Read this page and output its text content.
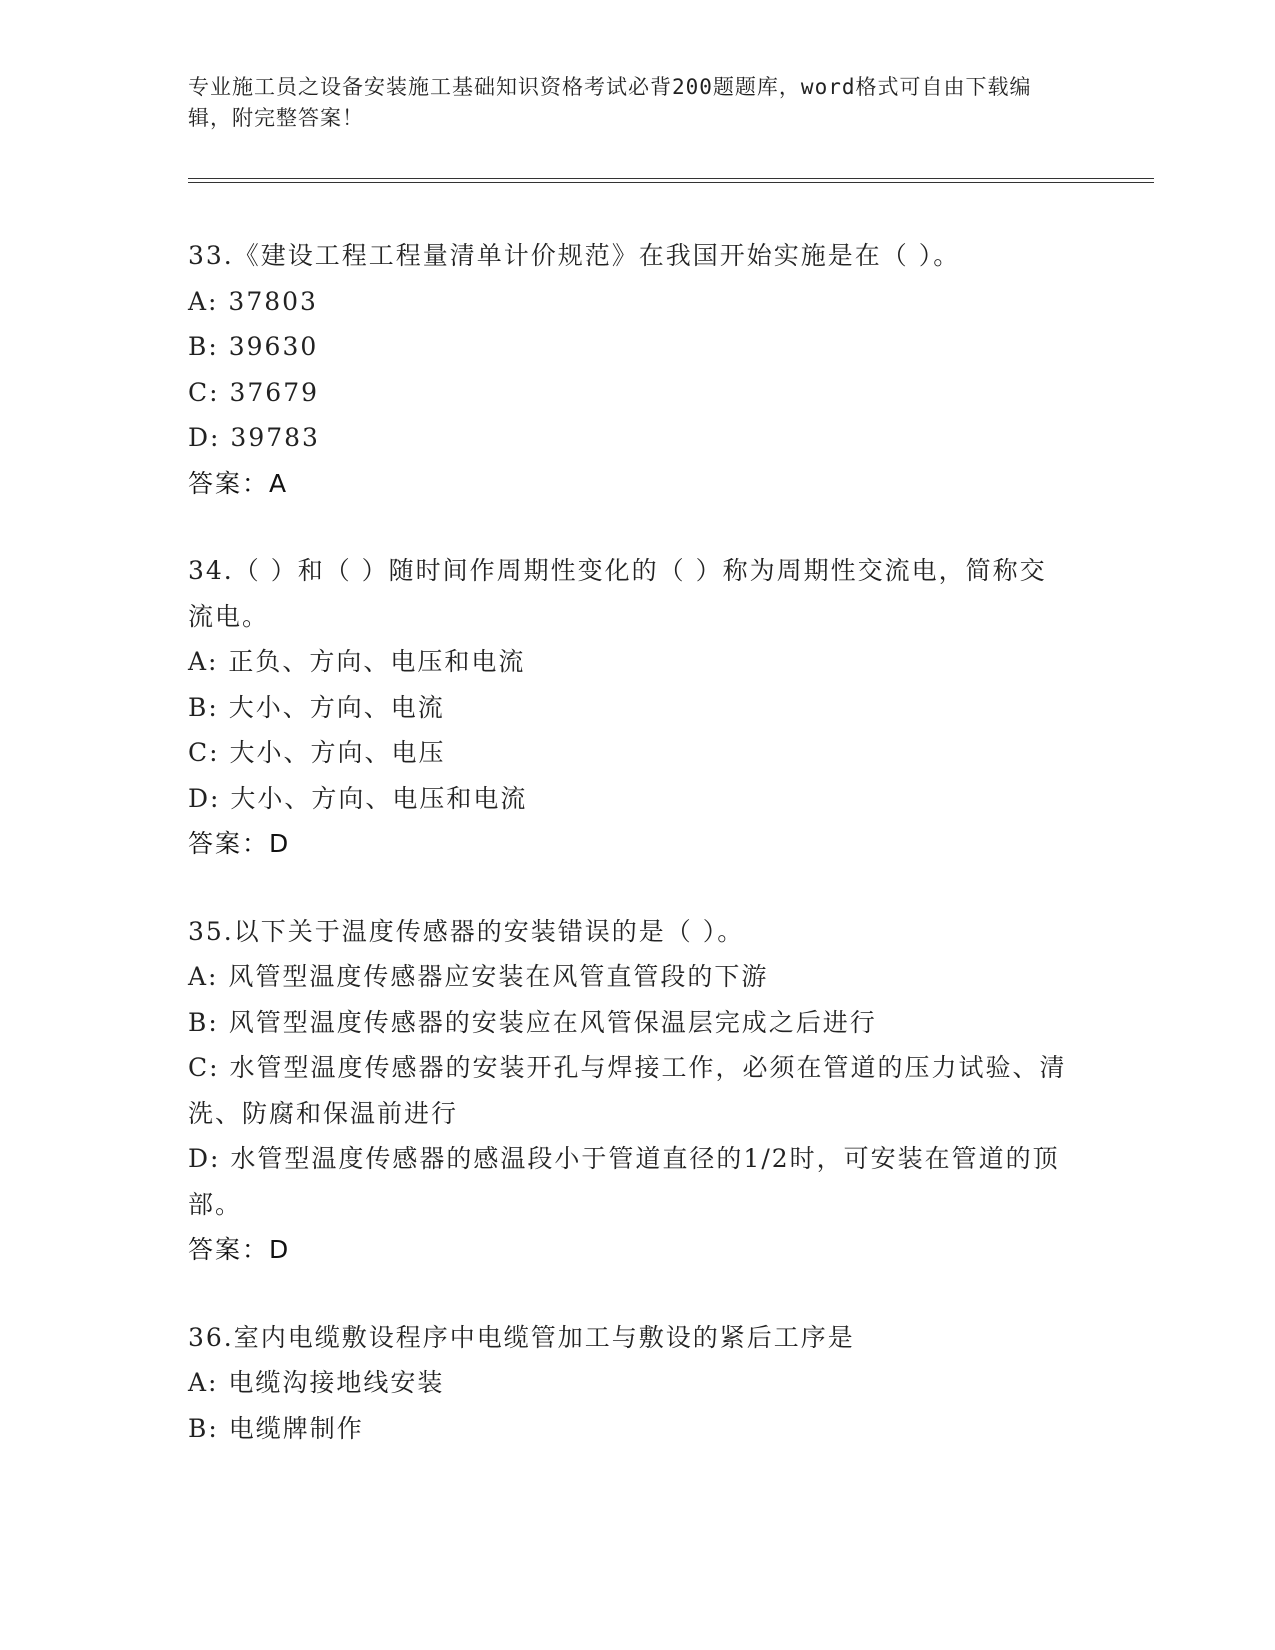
专业施工员之设备安装施工基础知识资格考试必背200题题库，word格式可自由下载编辑，附完整答案！

33.《建设工程工程量清单计价规范》在我国开始实施是在（ ）。

A: 37803

B: 39630

C: 37679

D: 39783

答案：A

34.（ ）和（ ）随时间作周期性变化的（ ）称为周期性交流电，简称交流电。

A: 正负、方向、电压和电流

B: 大小、方向、电流

C: 大小、方向、电压

D: 大小、方向、电压和电流

答案：D

35.以下关于温度传感器的安装错误的是（ ）。

A: 风管型温度传感器应安装在风管直管段的下游

B: 风管型温度传感器的安装应在风管保温层完成之后进行

C: 水管型温度传感器的安装开孔与焊接工作，必须在管道的压力试验、清洗、防腐和保温前进行

D: 水管型温度传感器的感温段小于管道直径的1/2时，可安装在管道的顶部。

答案：D

36.室内电缆敷设程序中电缆管加工与敷设的紧后工序是

A: 电缆沟接地线安装

B: 电缆牌制作
